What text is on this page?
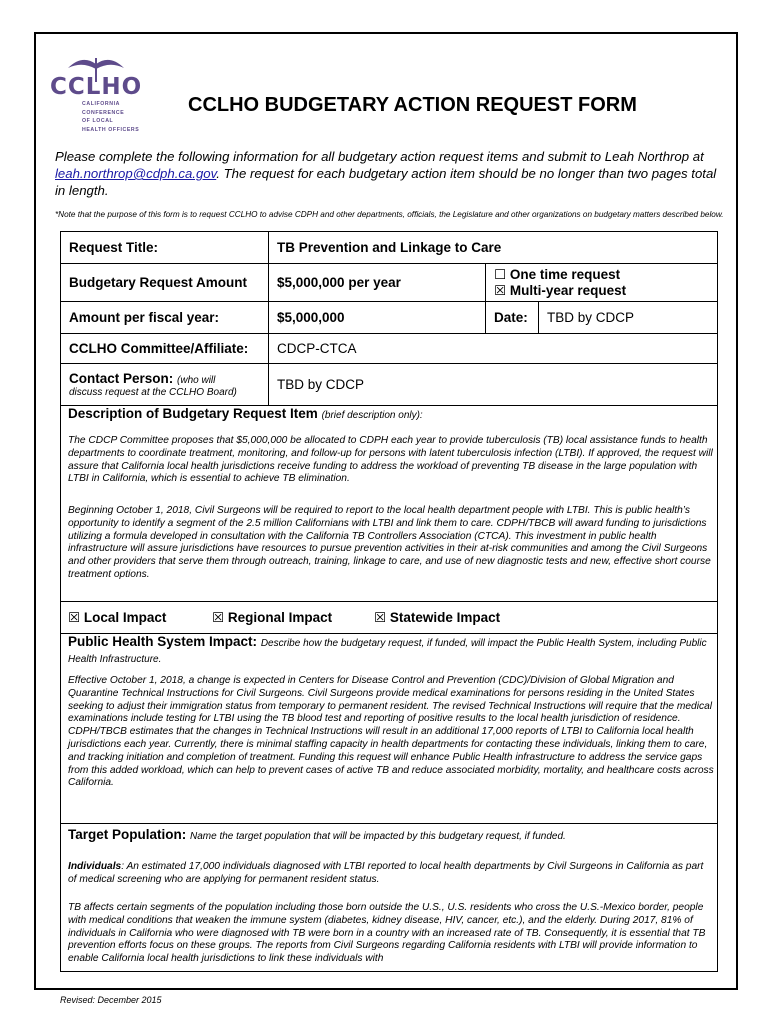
CCLHO
CALIFORNIA
CONFERENCE
OF LOCAL
HEALTH OFFICERS
CCLHO BUDGETARY ACTION REQUEST FORM
Please complete the following information for all budgetary action request items and submit to Leah Northrop at leah.northrop@cdph.ca.gov. The request for each budgetary action item should be no longer than two pages total in length.
*Note that the purpose of this form is to request CCLHO to advise CDPH and other departments, officials, the Legislature and other organizations on budgetary matters described below.
Request Title:	TB Prevention and Linkage to Care		
Budgetary Request Amount	$5,000,000 per year	☐ One time request
☒ Multi-year request	

Amount per fiscal year:	$5,000,000	Date:	TBD by CDCP
CCLHO Committee/Affiliate:	CDCP-CTCA		
Contact Person: (who will
discuss request at the CCLHO Board)	TBD by CDCP		
Description of Budgetary Request Item (brief description only):
The CDCP Committee proposes that $5,000,000 be allocated to CDPH each year to provide tuberculosis (TB) local assistance funds to health departments to coordinate treatment, monitoring, and follow-up for persons with latent tuberculosis infection (LTBI). If approved, the request will assure that California local health jurisdictions receive funding to address the workload of preventing TB disease in the large population with LTBI in California, which is essential to achieve TB elimination.
Beginning October 1, 2018, Civil Surgeons will be required to report to the local health department people with LTBI. This is public health’s opportunity to identify a segment of the 2.5 million Californians with LTBI and link them to care. CDPH/TBCB will award funding to jurisdictions utilizing a formula developed in consultation with the California TB Controllers Association (CTCA). This investment in public health infrastructure will assure jurisdictions have resources to pursue prevention activities in their at-risk communities and among the Civil Surgeons and other providers that serve them through outreach, training, linkage to care, and use of new diagnostic tests and new, effective short course treatment options.
☒ Local Impact	☒ Regional Impact	☒ Statewide Impact
Public Health System Impact: Describe how the budgetary request, if funded, will impact the Public Health System, including Public Health Infrastructure.
Effective October 1, 2018, a change is expected in Centers for Disease Control and Prevention (CDC)/Division of Global Migration and Quarantine Technical Instructions for Civil Surgeons. Civil Surgeons provide medical examinations for persons residing in the United States seeking to adjust their immigration status from temporary to permanent resident. The revised Technical Instructions will require that the medical examinations include testing for LTBI using the TB blood test and reporting of positive results to the local health jurisdiction of residence. CDPH/TBCB estimates that the changes in Technical Instructions will result in an additional 17,000 reports of LTBI to California local health jurisdictions each year. Currently, there is minimal staffing capacity in health departments for contacting these individuals, linking them to care, and tracking initiation and completion of treatment. Funding this request will enhance Public Health infrastructure to address the service gaps from this added workload, which can help to prevent cases of active TB and reduce associated morbidity, mortality, and healthcare costs across California.
Target Population: Name the target population that will be impacted by this budgetary request, if funded.
Individuals: An estimated 17,000 individuals diagnosed with LTBI reported to local health departments by Civil Surgeons in California as part of medical screening who are applying for permanent resident status.
TB affects certain segments of the population including those born outside the U.S., U.S. residents who cross the U.S.-Mexico border, people with medical conditions that weaken the immune system (diabetes, kidney disease, HIV, cancer, etc.), and the elderly. During 2017, 81% of individuals in California who were diagnosed with TB were born in a country with an increased rate of TB. Consequently, it is essential that TB prevention efforts focus on these groups. The reports from Civil Surgeons regarding California residents with LTBI will provide information to enable California local health jurisdictions to link these individuals with
Revised: December 2015
